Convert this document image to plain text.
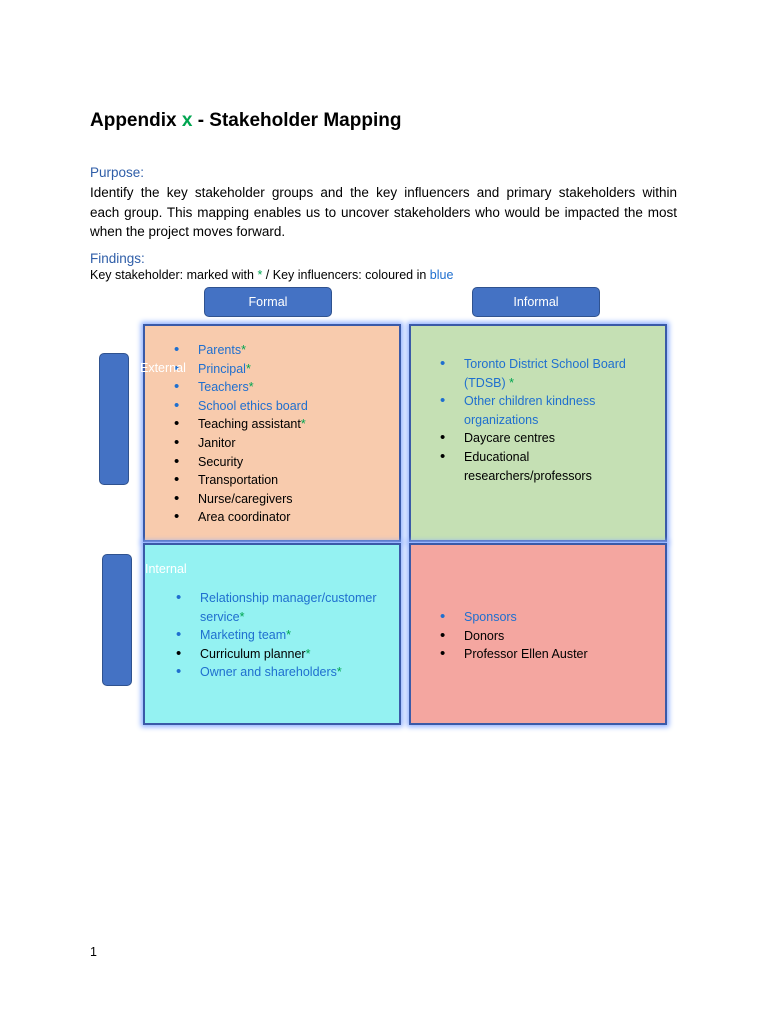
Appendix x - Stakeholder Mapping
Purpose:
Identify the key stakeholder groups and the key influencers and primary stakeholders within
each group. This mapping enables us to uncover stakeholders who would be impacted the most
when the project moves forward.
Findings:
Key stakeholder: marked with * / Key influencers: coloured in blue
Formal	Informal
• Parents*
• Principal*
• Teachers*
• School ethics board
• Teaching assistant*
• Janitor
• Security
• Transportation
• Nurse/caregivers
• Area coordinator
• Toronto District School Board
(TDSB) *
• Other children kindness
organizations
• Daycare centres
• Educational
researchers/professors
• Relationship manager/customer
service*
• Marketing team*
• Curriculum planner*
• Owner and shareholders*
• Sponsors
• Donors
• Professor Ellen Auster
External
Internal
1
